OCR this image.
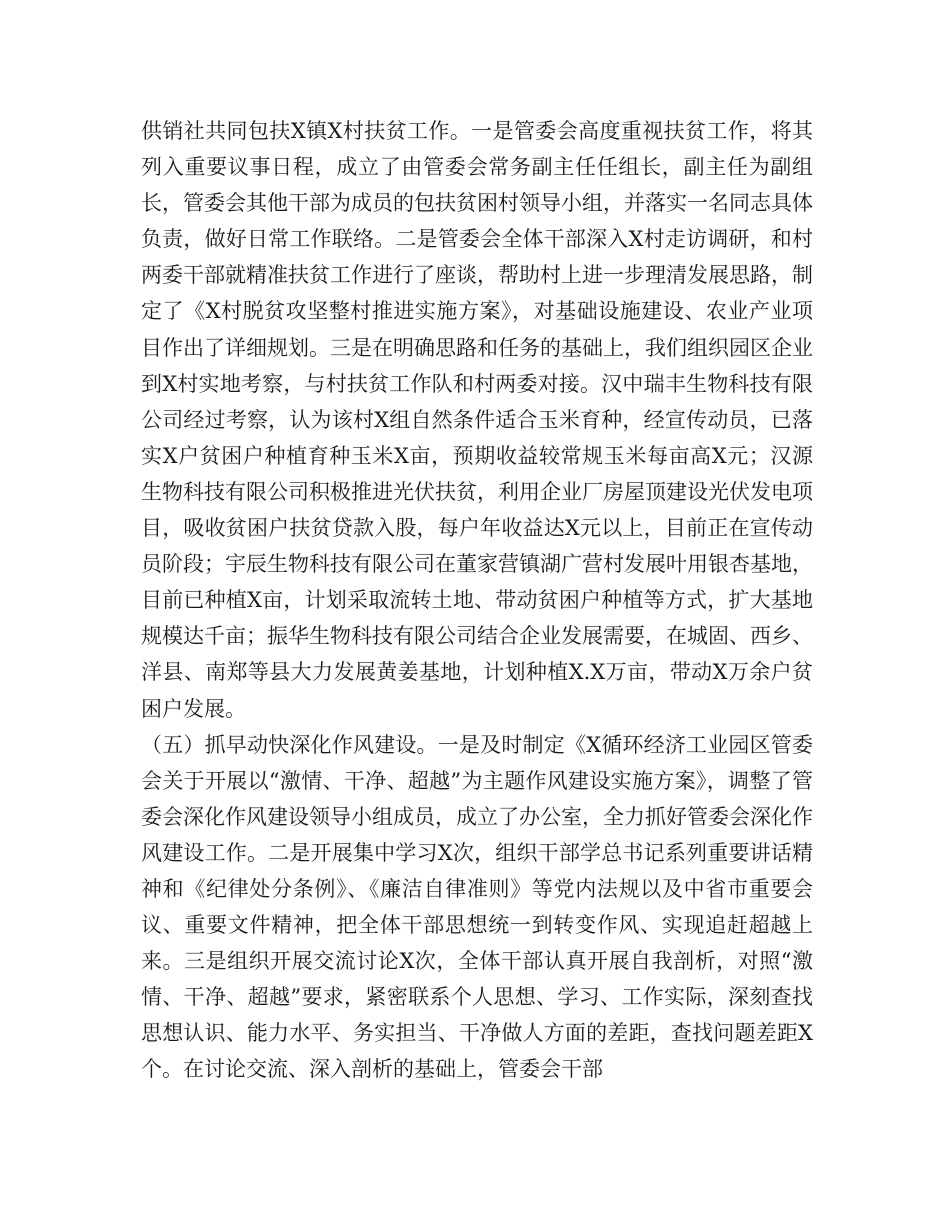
供销社共同包扶X镇X村扶贫工作。一是管委会高度重视扶贫工作，将其列入重要议事日程，成立了由管委会常务副主任任组长，副主任为副组长，管委会其他干部为成员的包扶贫困村领导小组，并落实一名同志具体负责，做好日常工作联络。二是管委会全体干部深入X村走访调研，和村两委干部就精准扶贫工作进行了座谈，帮助村上进一步理清发展思路，制定了《X村脱贫攻坚整村推进实施方案》，对基础设施建设、农业产业项目作出了详细规划。三是在明确思路和任务的基础上，我们组织园区企业到X村实地考察，与村扶贫工作队和村两委对接。汉中瑞丰生物科技有限公司经过考察，认为该村X组自然条件适合玉米育种，经宣传动员，已落实X户贫困户种植育种玉米X亩，预期收益较常规玉米每亩高X元；汉源生物科技有限公司积极推进光伏扶贫，利用企业厂房屋顶建设光伏发电项目，吸收贫困户扶贫贷款入股，每户年收益达X元以上，目前正在宣传动员阶段；宇辰生物科技有限公司在董家营镇湖广营村发展叶用银杏基地，目前已种植X亩，计划采取流转土地、带动贫困户种植等方式，扩大基地规模达千亩；振华生物科技有限公司结合企业发展需要，在城固、西乡、洋县、南郑等县大力发展黄姜基地，计划种植X.X万亩，带动X万余户贫困户发展。

（五）抓早动快深化作风建设。一是及时制定《X循环经济工业园区管委会关于开展以“激情、干净、超越”为主题作风建设实施方案》，调整了管委会深化作风建设领导小组成员，成立了办公室，全力抓好管委会深化作风建设工作。二是开展集中学习X次，组织干部学总书记系列重要讲话精神和《纪律处分条例》、《廉洁自律准则》等党内法规以及中省市重要会议、重要文件精神，把全体干部思想统一到转变作风、实现追赶超越上来。三是组织开展交流讨论X次，全体干部认真开展自我剖析，对照“激情、干净、超越”要求，紧密联系个人思想、学习、工作实际，深刻查找思想认识、能力水平、务实担当、干净做人方面的差距，查找问题差距X个。在讨论交流、深入剖析的基础上，管委会干部
